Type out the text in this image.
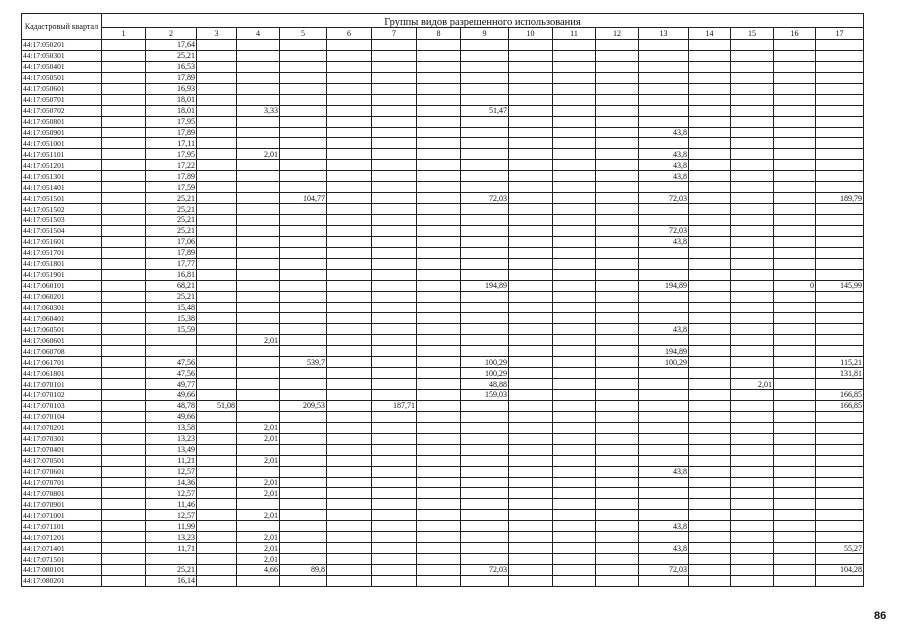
Кадастровый квартал	Группы видов разрешенного использования																
	1	2	3	4	5	6	7	8	9	10	11	12	13	14	15	16	17
44:17:050201		17,64															
44:17:050301		25,21															
44:17:050401		16,53															
44:17:050501		17,89															
44:17:050601		16,93															
44:17:050701		18,01															
44:17:050702		18,01		3,33					51,47								
44:17:050801		17,95															
44:17:050901		17,89											43,8				
44:17:051001		17,11															
44:17:051101		17,95		2,01									43,8				
44:17:051201		17,22											43,8				
44:17:051301		17,89											43,8				
44:17:051401		17,59															
44:17:051501		25,21			104,77				72,03				72,03				189,79
44:17:051502		25,21															
44:17:051503		25,21															
44:17:051504		25,21											72,03				
44:17:051601		17,06											43,8				
44:17:051701		17,89															
44:17:051801		17,77															
44:17:051901		16,81															
44:17:060101		68,21							194,89				194,89			0	145,99
44:17:060201		25,21															
44:17:060301		15,48															
44:17:060401		15,38															
44:17:060501		15,59											43,8				
44:17:060601				2,01													
44:17:060708													194,89				
44:17:061701		47,56			539,7				100,29				100,29				115,21
44:17:061801		47,56							100,29								131,81
44:17:070101		49,77							48,88						2,01		
44:17:070102		49,66							159,03								166,85
44:17:070103		48,78	51,08		209,53		187,71										166,85
44:17:070104		49,66															
44:17:070201		13,58		2,01													
44:17:070301		13,23		2,01													
44:17:070401		13,49															
44:17:070501		11,21		2,01													
44:17:070601		12,57											43,8				
44:17:070701		14,36		2,01													
44:17:070801		12,57		2,01													
44:17:070901		11,46															
44:17:071001		12,57		2,01													
44:17:071101		11,99											43,8				
44:17:071201		13,23		2,01													
44:17:071401		11,71		2,01									43,8				55,27
44:17:071501				2,01													
44:17:080101		25,21		4,66	89,8				72,03				72,03				104,28
44:17:080201		16,14															
86
